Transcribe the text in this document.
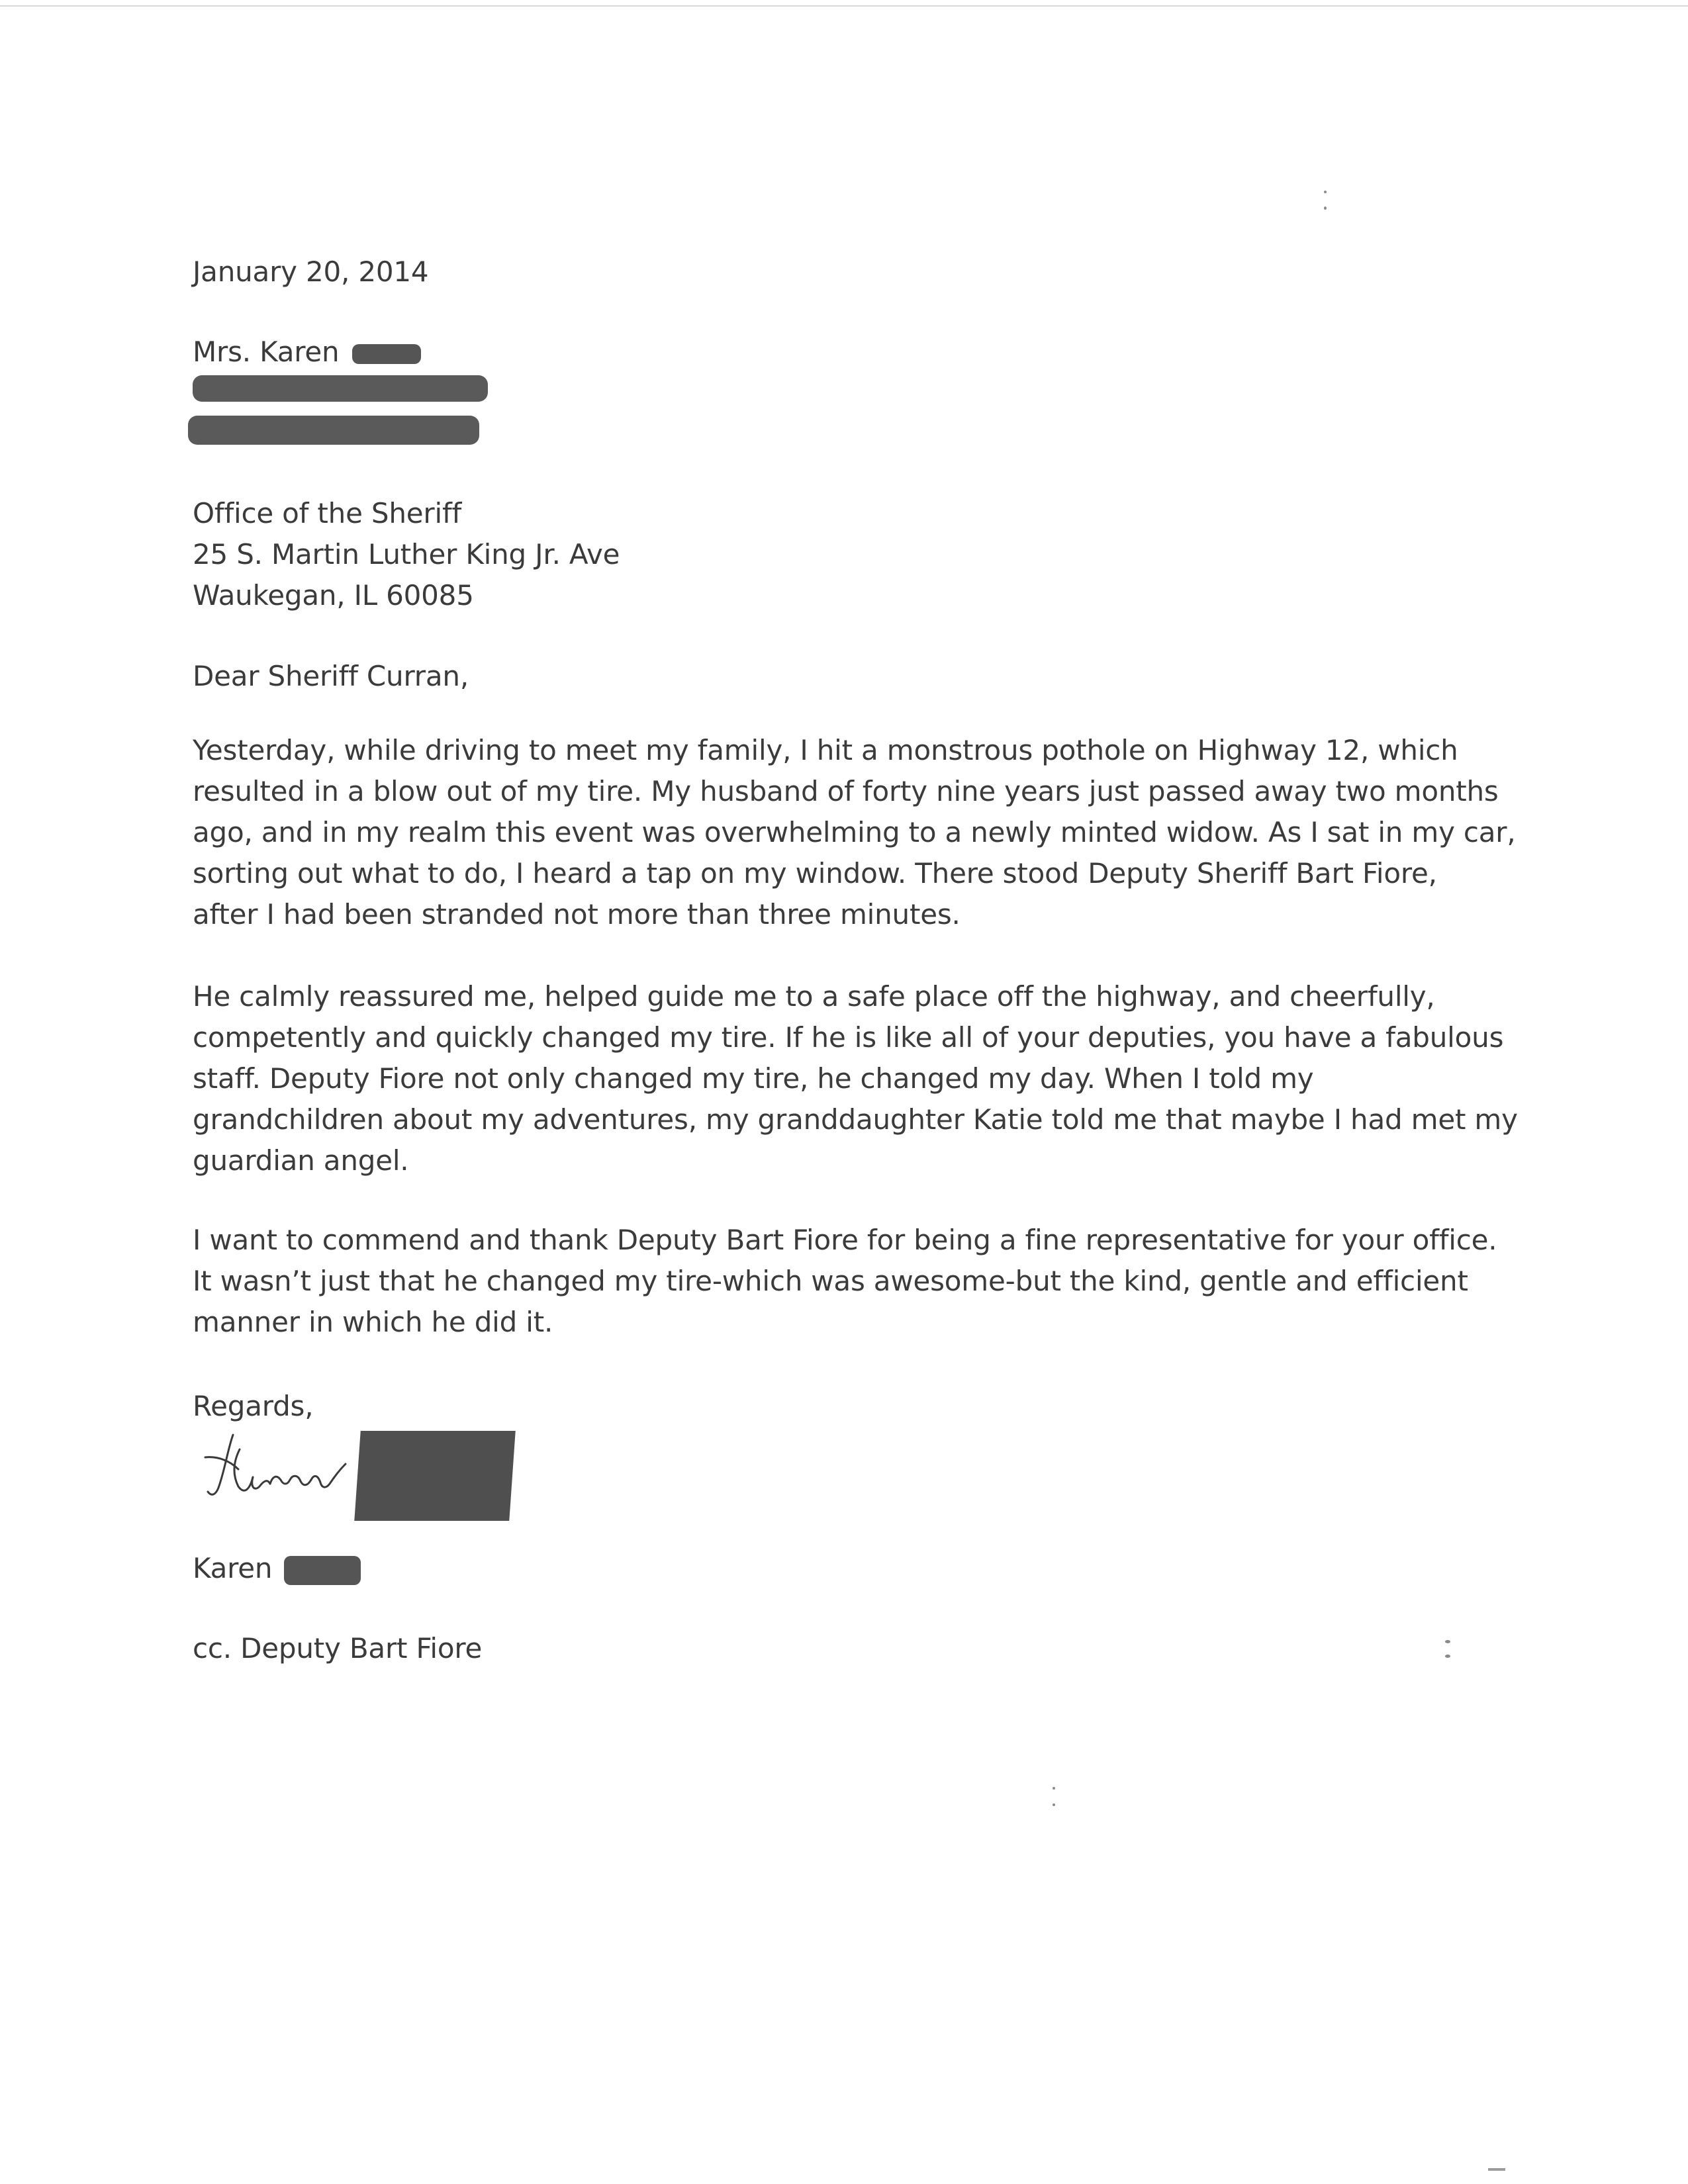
January 20, 2014
Mrs. Karen
Office of the Sheriff
25 S. Martin Luther King Jr. Ave
Waukegan, IL 60085
Dear Sheriff Curran,
Yesterday, while driving to meet my family, I hit a monstrous pothole on Highway 12, which
resulted in a blow out of my tire. My husband of forty nine years just passed away two months
ago, and in my realm this event was overwhelming to a newly minted widow. As I sat in my car,
sorting out what to do, I heard a tap on my window. There stood Deputy Sheriff Bart Fiore,
after I had been stranded not more than three minutes.
He calmly reassured me, helped guide me to a safe place off the highway, and cheerfully,
competently and quickly changed my tire. If he is like all of your deputies, you have a fabulous
staff. Deputy Fiore not only changed my tire, he changed my day. When I told my
grandchildren about my adventures, my granddaughter Katie told me that maybe I had met my
guardian angel.
I want to commend and thank Deputy Bart Fiore for being a fine representative for your office.
It wasn’t just that he changed my tire-which was awesome-but the kind, gentle and efficient
manner in which he did it.
Regards,
Karen
cc. Deputy Bart Fiore
